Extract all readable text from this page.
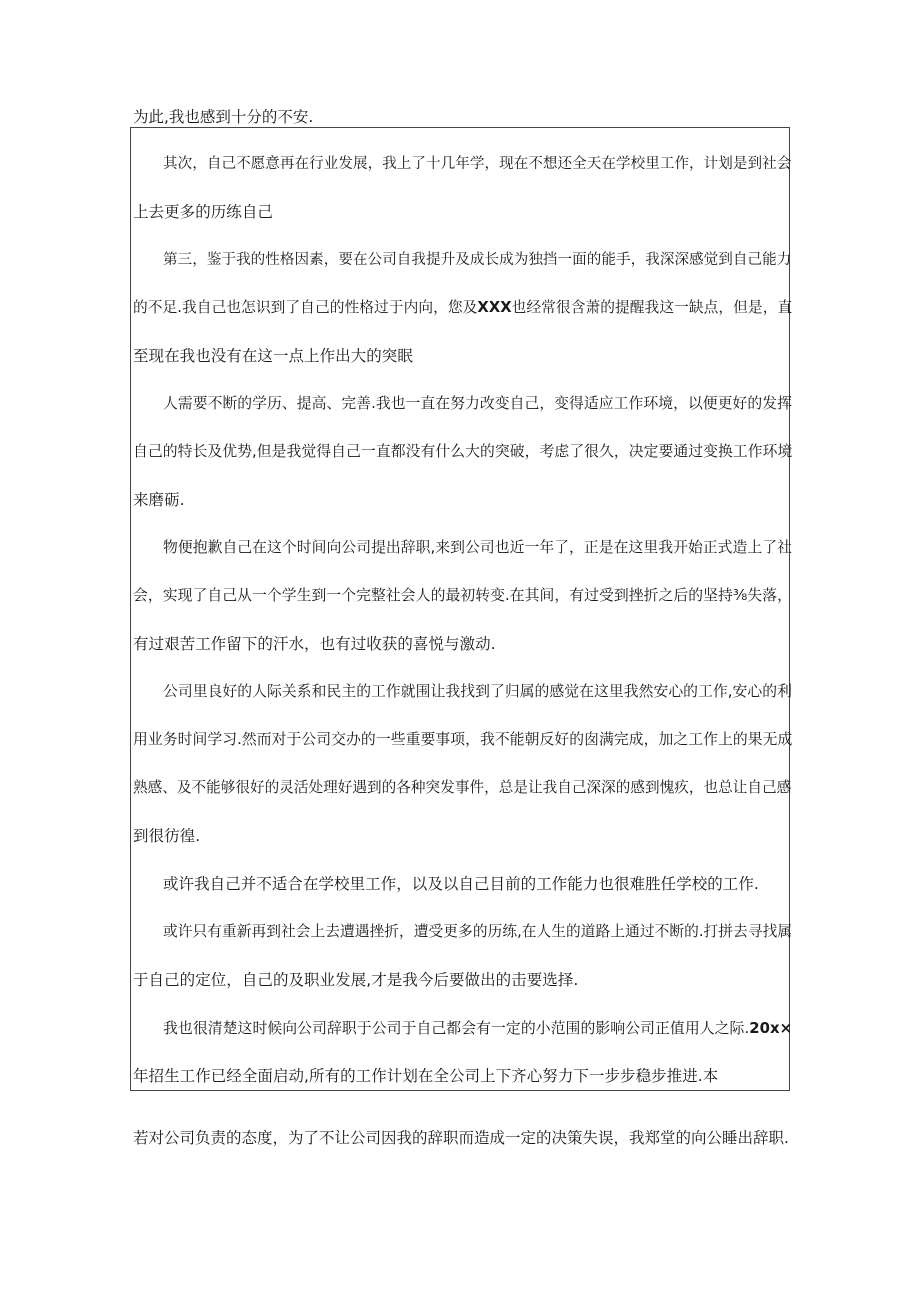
为此,我也感到十分的不安.
其次，自己不愿意再在行业发展，我上了十几年学，现在不想还全天在学校里工作，计划是到社会
上去更多的历练自己
第三，鉴于我的性格因素，要在公司自我提升及成长成为独挡一面的能手，我深深感觉到自己能力
的不足.我自己也怎识到了自己的性格过于内向，您及XXX也经常很含萧的提醒我这一缺点，但是，直
至现在我也没有在这一点上作出大的突眠
人需要不断的学历、提高、完善.我也一直在努力改变自己，变得适应工作环境，以便更好的发挥
自己的特长及优势,但是我觉得自己一直都没有什么大的突破，考虑了很久，决定要通过变换工作环境
来磨砺.
物便抱歉自己在这个时间向公司提出辞职,来到公司也近一年了，正是在这里我开始正式造上了社
会，实现了自己从一个学生到一个完整社会人的最初转变.在其间，有过受到挫折之后的坚持⅜失落，
有过艰苦工作留下的汗水，也有过收获的喜悦与激动.
公司里良好的人际关系和民主的工作就围让我找到了归属的感觉在这里我然安心的工作,安心的利
用业务时间学习.然而对于公司交办的一些重要事项，我不能朝反好的囱满完成，加之工作上的果无成
熟感、及不能够很好的灵活处理好遇到的各种突发事件，总是让我自己深深的感到愧疚，也总让自己感
到很彷徨.
或许我自己并不适合在学校里工作，以及以自己目前的工作能力也很难胜任学校的工作.
或许只有重新再到社会上去遭遇挫折，遭受更多的历练,在人生的道路上通过不断的.打拼去寻找属
于自己的定位，自己的及职业发展,才是我今后要做出的击要选择.
我也很清楚这时候向公司辞职于公司于自己都会有一定的小范围的影响公司正值用人之际.20x×
年招生工作已经全面启动,所有的工作计划在全公司上下齐心努力下一步步稳步推进.本
若对公司负责的态度，为了不让公司因我的辞职而造成一定的决策失误，我郑堂的向公睡出辞职.
